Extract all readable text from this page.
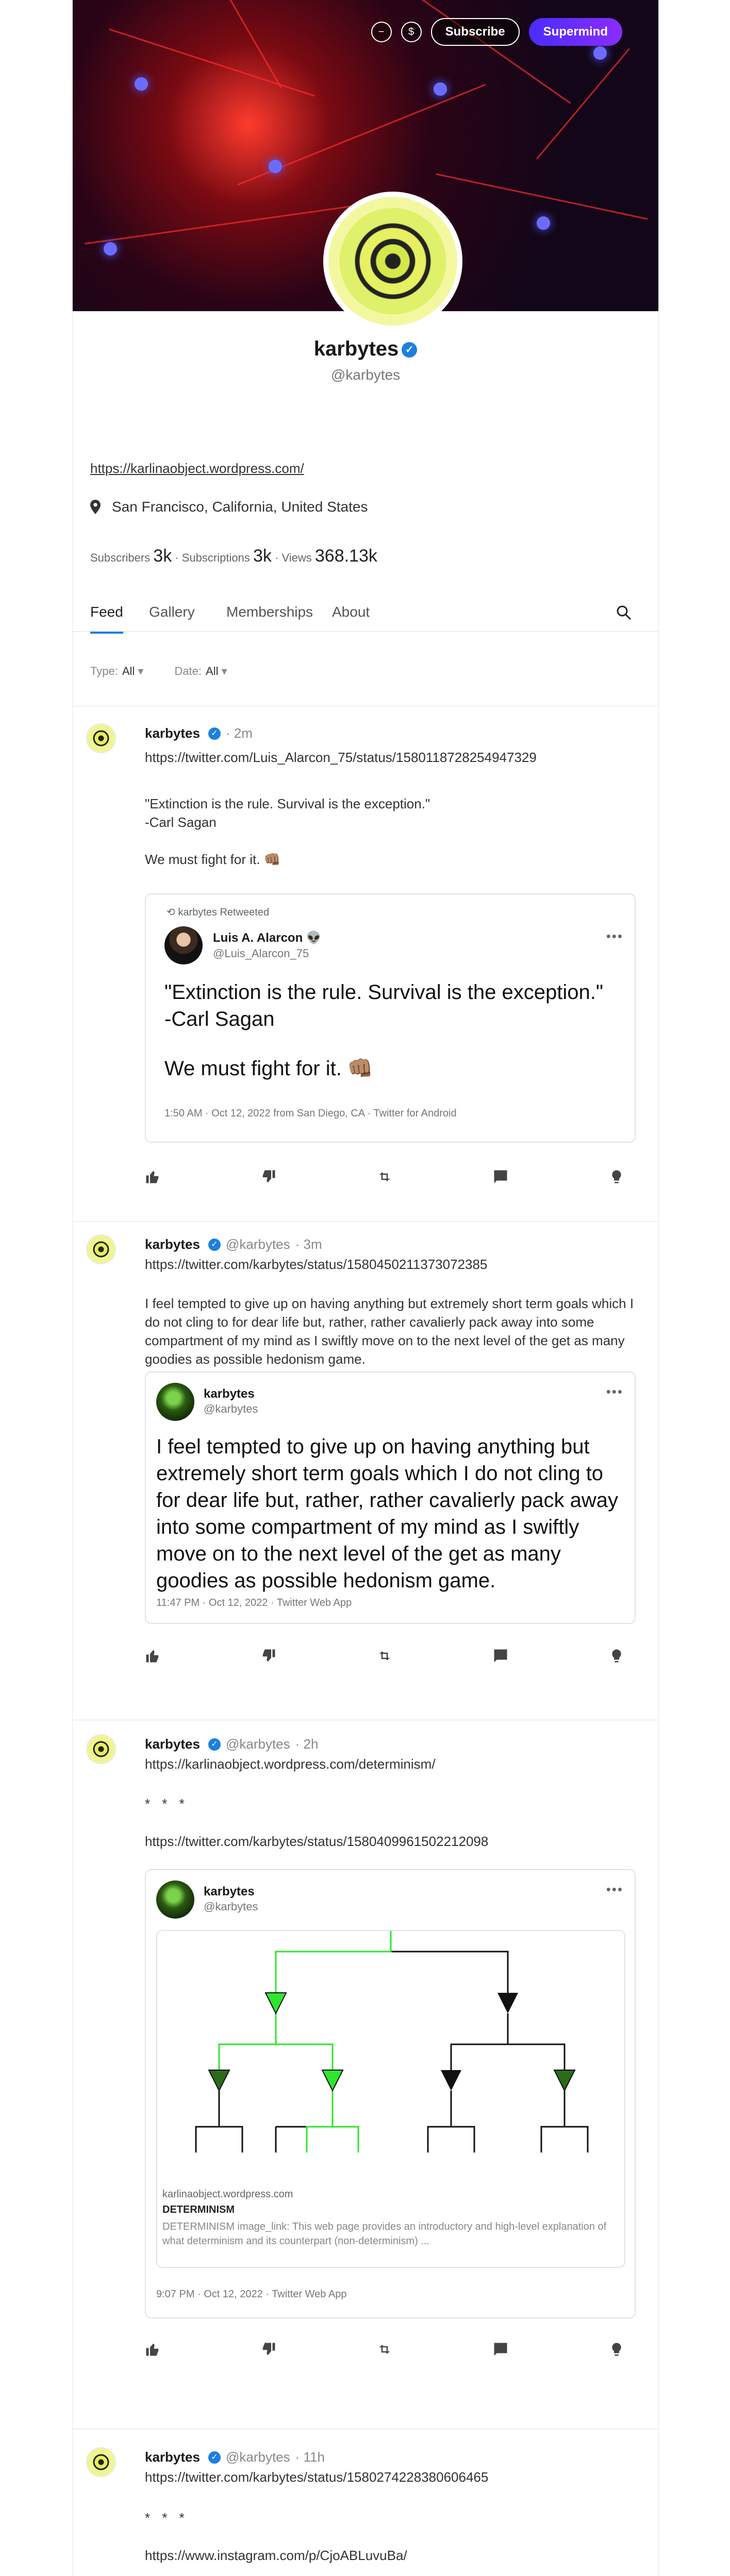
− $	Subscribe	Supermind
karbytes ✓
@karbytes
https://karlinaobject.wordpress.com/
San Francisco, California, United States
Subscribers 3k · Subscriptions 3k · Views 368.13k
Feed Gallery Memberships About
Type: All ▾	Date: All ▾
karbytes	✓ · 2m
https://twitter.com/Luis_Alarcon_75/status/1580118728254947329
"Extinction is the rule. Survival is the exception."
-Carl Sagan
We must fight for it. 👊🏽
⟲ karbytes Retweeted
Luis A. Alarcon 👽
@Luis_Alarcon_75
•••
"Extinction is the rule. Survival is the exception."
-Carl Sagan
We must fight for it. 👊🏽
1:50 AM · Oct 12, 2022 from San Diego, CA · Twitter for Android
karbytes	✓ @karbytes · 3m
https://twitter.com/karbytes/status/1580450211373072385
I feel tempted to give up on having anything but extremely short term goals which I do not cling to for dear life but, rather, rather cavalierly pack away into some compartment of my mind as I swiftly move on to the next level of the get as many goodies as possible hedonism game.
karbytes
@karbytes
•••
I feel tempted to give up on having anything but extremely short term goals which I do not cling to for dear life but, rather, rather cavalierly pack away into some compartment of my mind as I swiftly move on to the next level of the get as many goodies as possible hedonism game.
11:47 PM · Oct 12, 2022 · Twitter Web App
karbytes	✓ @karbytes · 2h
https://karlinaobject.wordpress.com/determinism/
* * *
https://twitter.com/karbytes/status/1580409961502212098
karbytes
@karbytes
•••
karlinaobject.wordpress.com
DETERMINISM
DETERMINISM image_link: This web page provides an introductory and high-level explanation of what determinism and its counterpart (non-determinism) ...
9:07 PM · Oct 12, 2022 · Twitter Web App
karbytes	✓ @karbytes · 11h
https://twitter.com/karbytes/status/1580274228380606465
* * *
https://www.instagram.com/p/CjoABLuvuBa/
